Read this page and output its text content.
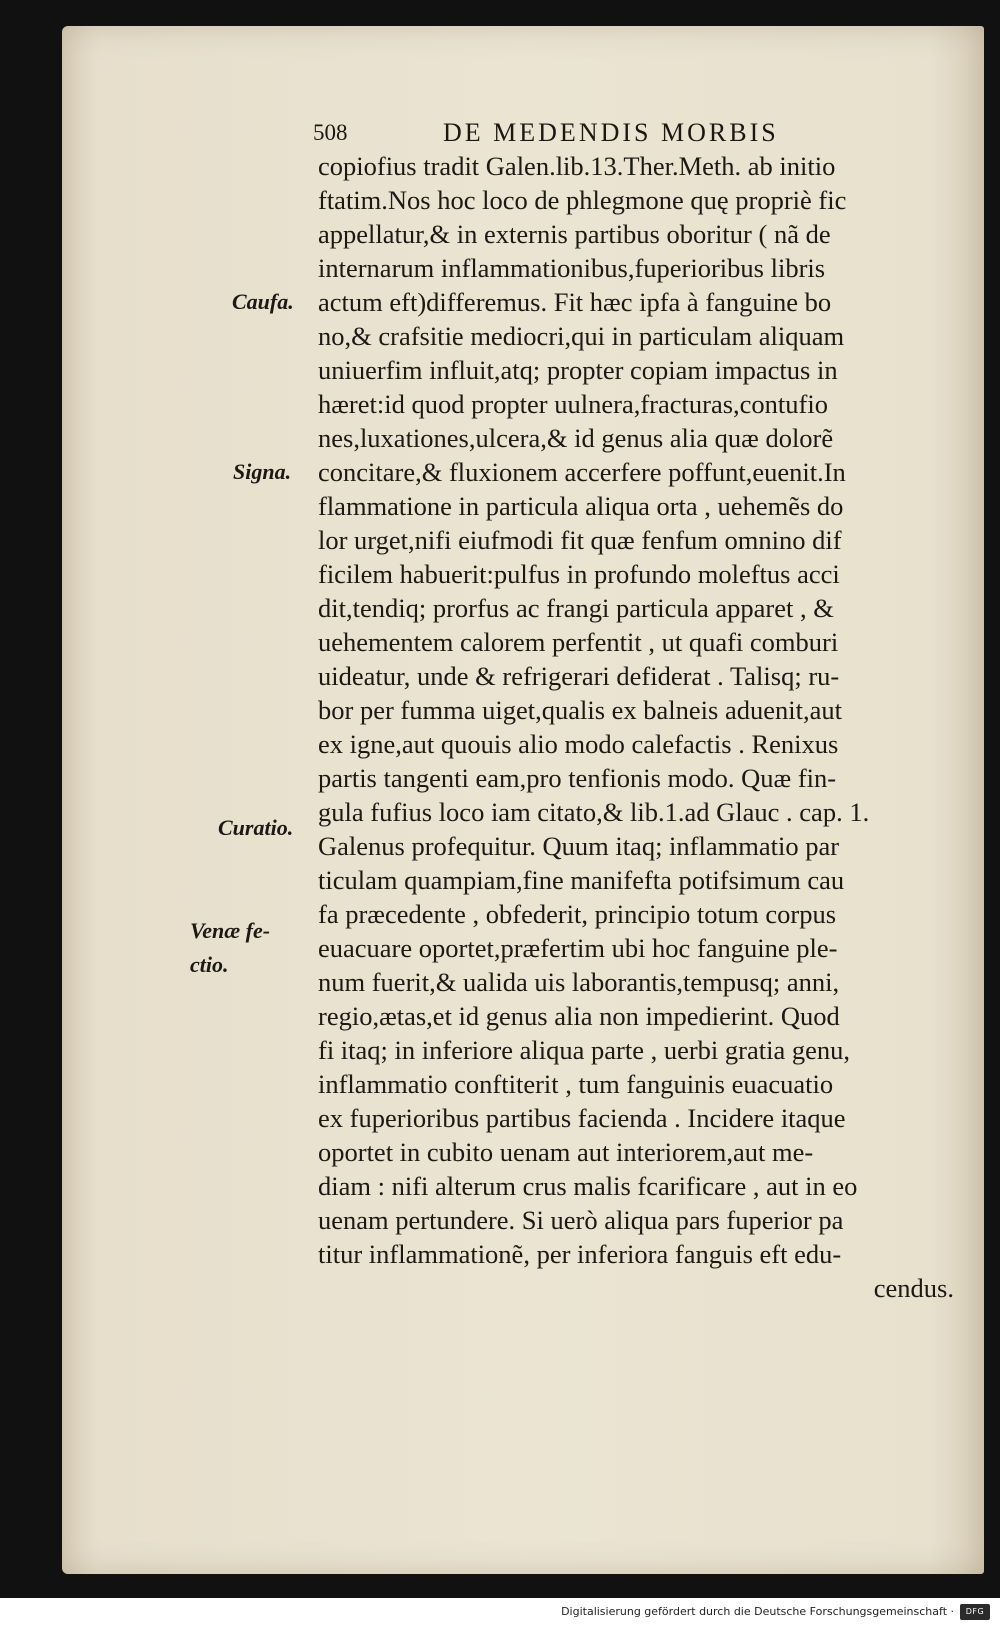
508	DE MEDENDIS MORBIS
Caufa.
Signa.
Curatio.
Venæ fe-
ctio.
copiofius tradit Galen.lib.13.Ther.Meth. ab initio
ftatim.Nos hoc loco de phlegmone quę propriè fic
appellatur,& in externis partibus oboritur ( nã de
internarum inflammationibus,fuperioribus libris
actum eft)differemus. Fit hæc ipfa à fanguine bo
no,& crafsitie mediocri,qui in particulam aliquam
uniuerfim influit,atq; propter copiam impactus in
hæret:id quod propter uulnera,fracturas,contufio
nes,luxationes,ulcera,& id genus alia quæ dolorẽ
concitare,& fluxionem accerfere poffunt,euenit.In
flammatione in particula aliqua orta , uehemẽs do
lor urget,nifi eiufmodi fit quæ fenfum omnino dif
ficilem habuerit:pulfus in profundo moleftus acci
dit,tendiq; prorfus ac frangi particula apparet , &
uehementem calorem perfentit , ut quafi comburi
uideatur, unde & refrigerari defiderat . Talisq; ru-
bor per fumma uiget,qualis ex balneis aduenit,aut
ex igne,aut quouis alio modo calefactis . Renixus
partis tangenti eam,pro tenfionis modo. Quæ fin-
gula fufius loco iam citato,& lib.1.ad Glauc . cap. 1.
Galenus profequitur. Quum itaq; inflammatio par
ticulam quampiam,fine manifefta potifsimum cau
fa præcedente , obfederit, principio totum corpus
euacuare oportet,præfertim ubi hoc fanguine ple-
num fuerit,& ualida uis laborantis,tempusq; anni,
regio,ætas,et id genus alia non impedierint. Quod
fi itaq; in inferiore aliqua parte , uerbi gratia genu,
inflammatio conftiterit , tum fanguinis euacuatio
ex fuperioribus partibus facienda . Incidere itaque
oportet in cubito uenam aut interiorem,aut me-
diam : nifi alterum crus malis fcarificare , aut in eo
uenam pertundere. Si uerò aliqua pars fuperior pa
titur inflammationẽ, per inferiora fanguis eft edu-
cendus.
Digitalisierung gefördert durch die Deutsche Forschungsgemeinschaft ·	DFG
